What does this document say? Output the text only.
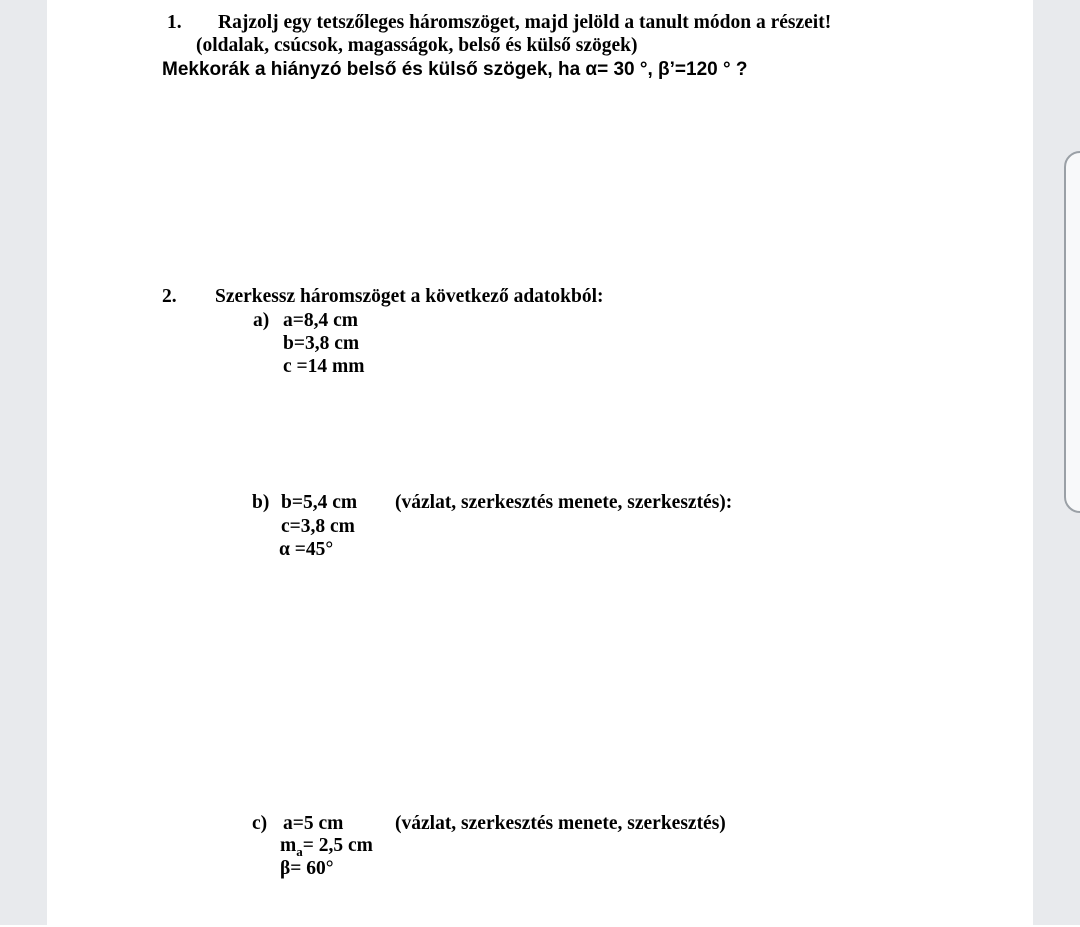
1. Rajzolj egy tetszőleges háromszöget, majd jelöld a tanult módon a részeit!
(oldalak, csúcsok, magasságok, belső és külső szögek)
Mekkorák a hiányzó belső és külső szögek, ha α= 30 °, β’=120 ° ?
2. Szerkessz háromszöget a következő adatokból:
a) a=8,4 cm
b=3,8 cm
c =14 mm
b) b=5,4 cm (vázlat, szerkesztés menete, szerkesztés):
c=3,8 cm
α =45°
c) a=5 cm	(vázlat, szerkesztés menete, szerkesztés)
$m_a= 2,5$ cm
β= 60°
